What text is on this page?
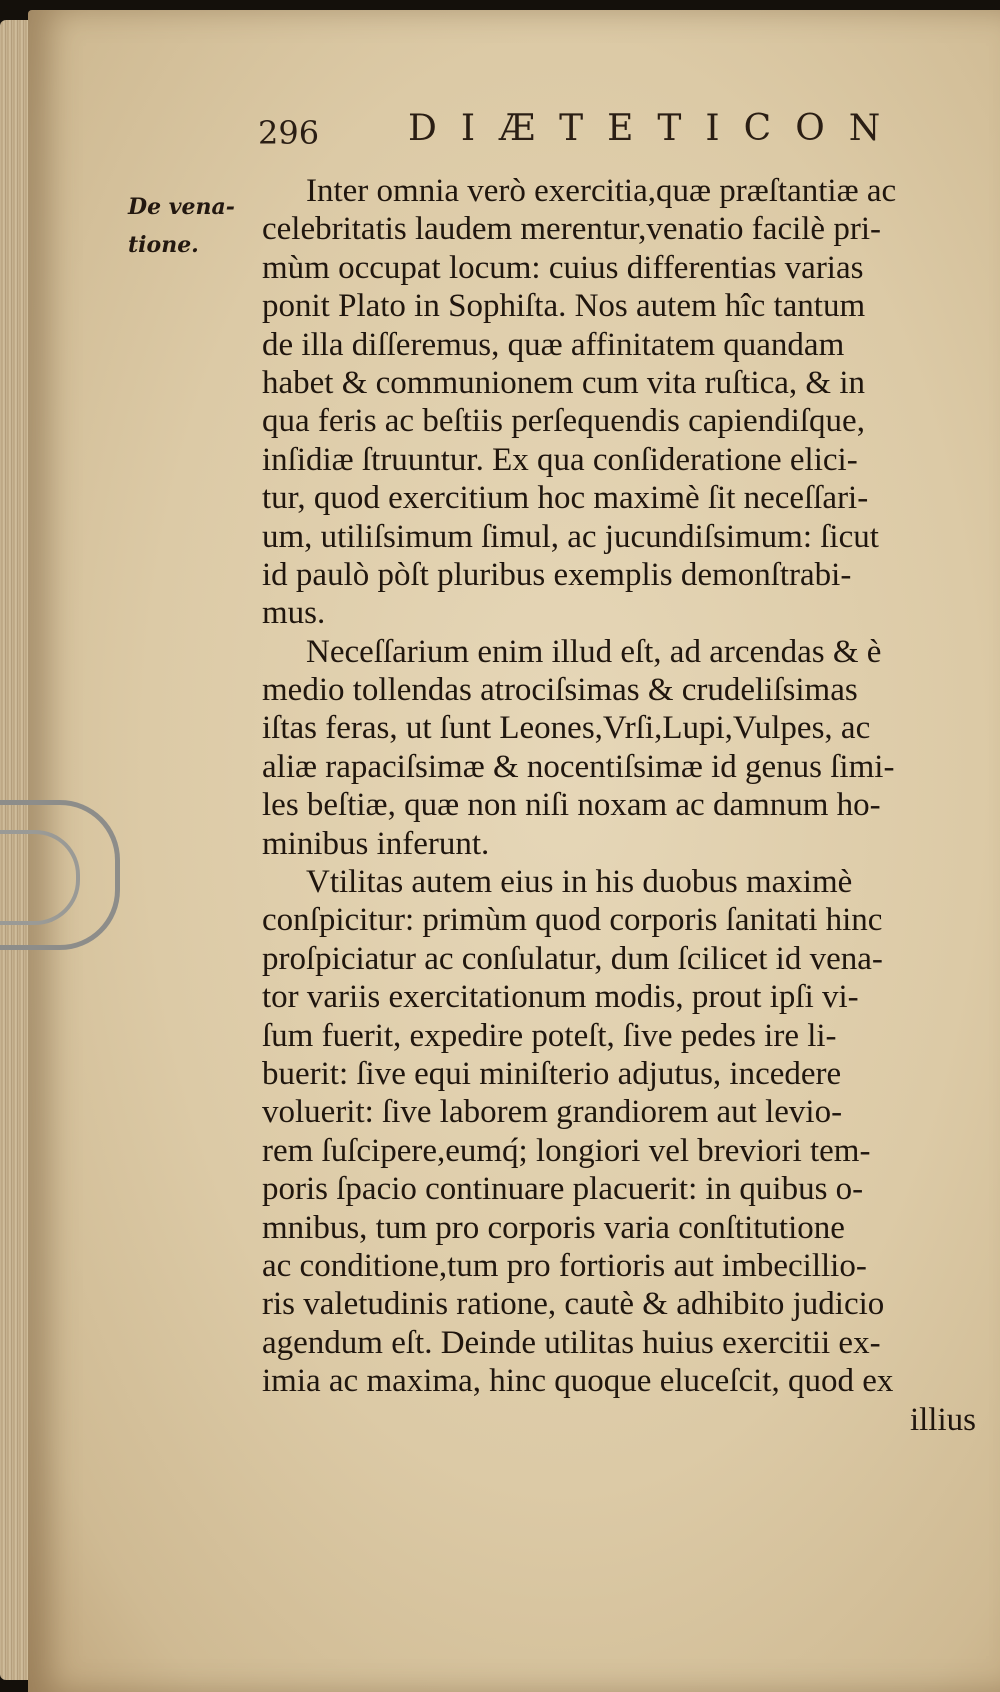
296 DIÆTETICON
De vena-
tione.
Inter omnia verò exercitia,quæ præſtantiæ ac
celebritatis laudem merentur,venatio facilè pri-
mùm occupat locum: cuius differentias varias
ponit Plato in Sophiſta. Nos autem hîc tantum
de illa diſſeremus, quæ affinitatem quandam
habet & communionem cum vita ruſtica, & in
qua feris ac beſtiis perſequendis capiendiſque,
inſidiæ ſtruuntur. Ex qua conſideratione elici-
tur, quod exercitium hoc maximè ſit neceſſari-
um, utiliſsimum ſimul, ac jucundiſsimum: ſicut
id paulò pòſt pluribus exemplis demonſtrabi-
mus.
Neceſſarium enim illud eſt, ad arcendas & è
medio tollendas atrociſsimas & crudeliſsimas
iſtas feras, ut ſunt Leones,Vrſi,Lupi,Vulpes, ac
aliæ rapaciſsimæ & nocentiſsimæ id genus ſimi-
les beſtiæ, quæ non niſi noxam ac damnum ho-
minibus inferunt.
Vtilitas autem eius in his duobus maximè
conſpicitur: primùm quod corporis ſanitati hinc
proſpiciatur ac conſulatur, dum ſcilicet id vena-
tor variis exercitationum modis, prout ipſi vi-
ſum fuerit, expedire poteſt, ſive pedes ire li-
buerit: ſive equi miniſterio adjutus, incedere
voluerit: ſive laborem grandiorem aut levio-
rem ſuſcipere,eumq́; longiori vel breviori tem-
poris ſpacio continuare placuerit: in quibus o-
mnibus, tum pro corporis varia conſtitutione
ac conditione,tum pro fortioris aut imbecillio-
ris valetudinis ratione, cautè & adhibito judicio
agendum eſt. Deinde utilitas huius exercitii ex-
imia ac maxima, hinc quoque eluceſcit, quod ex
illius
